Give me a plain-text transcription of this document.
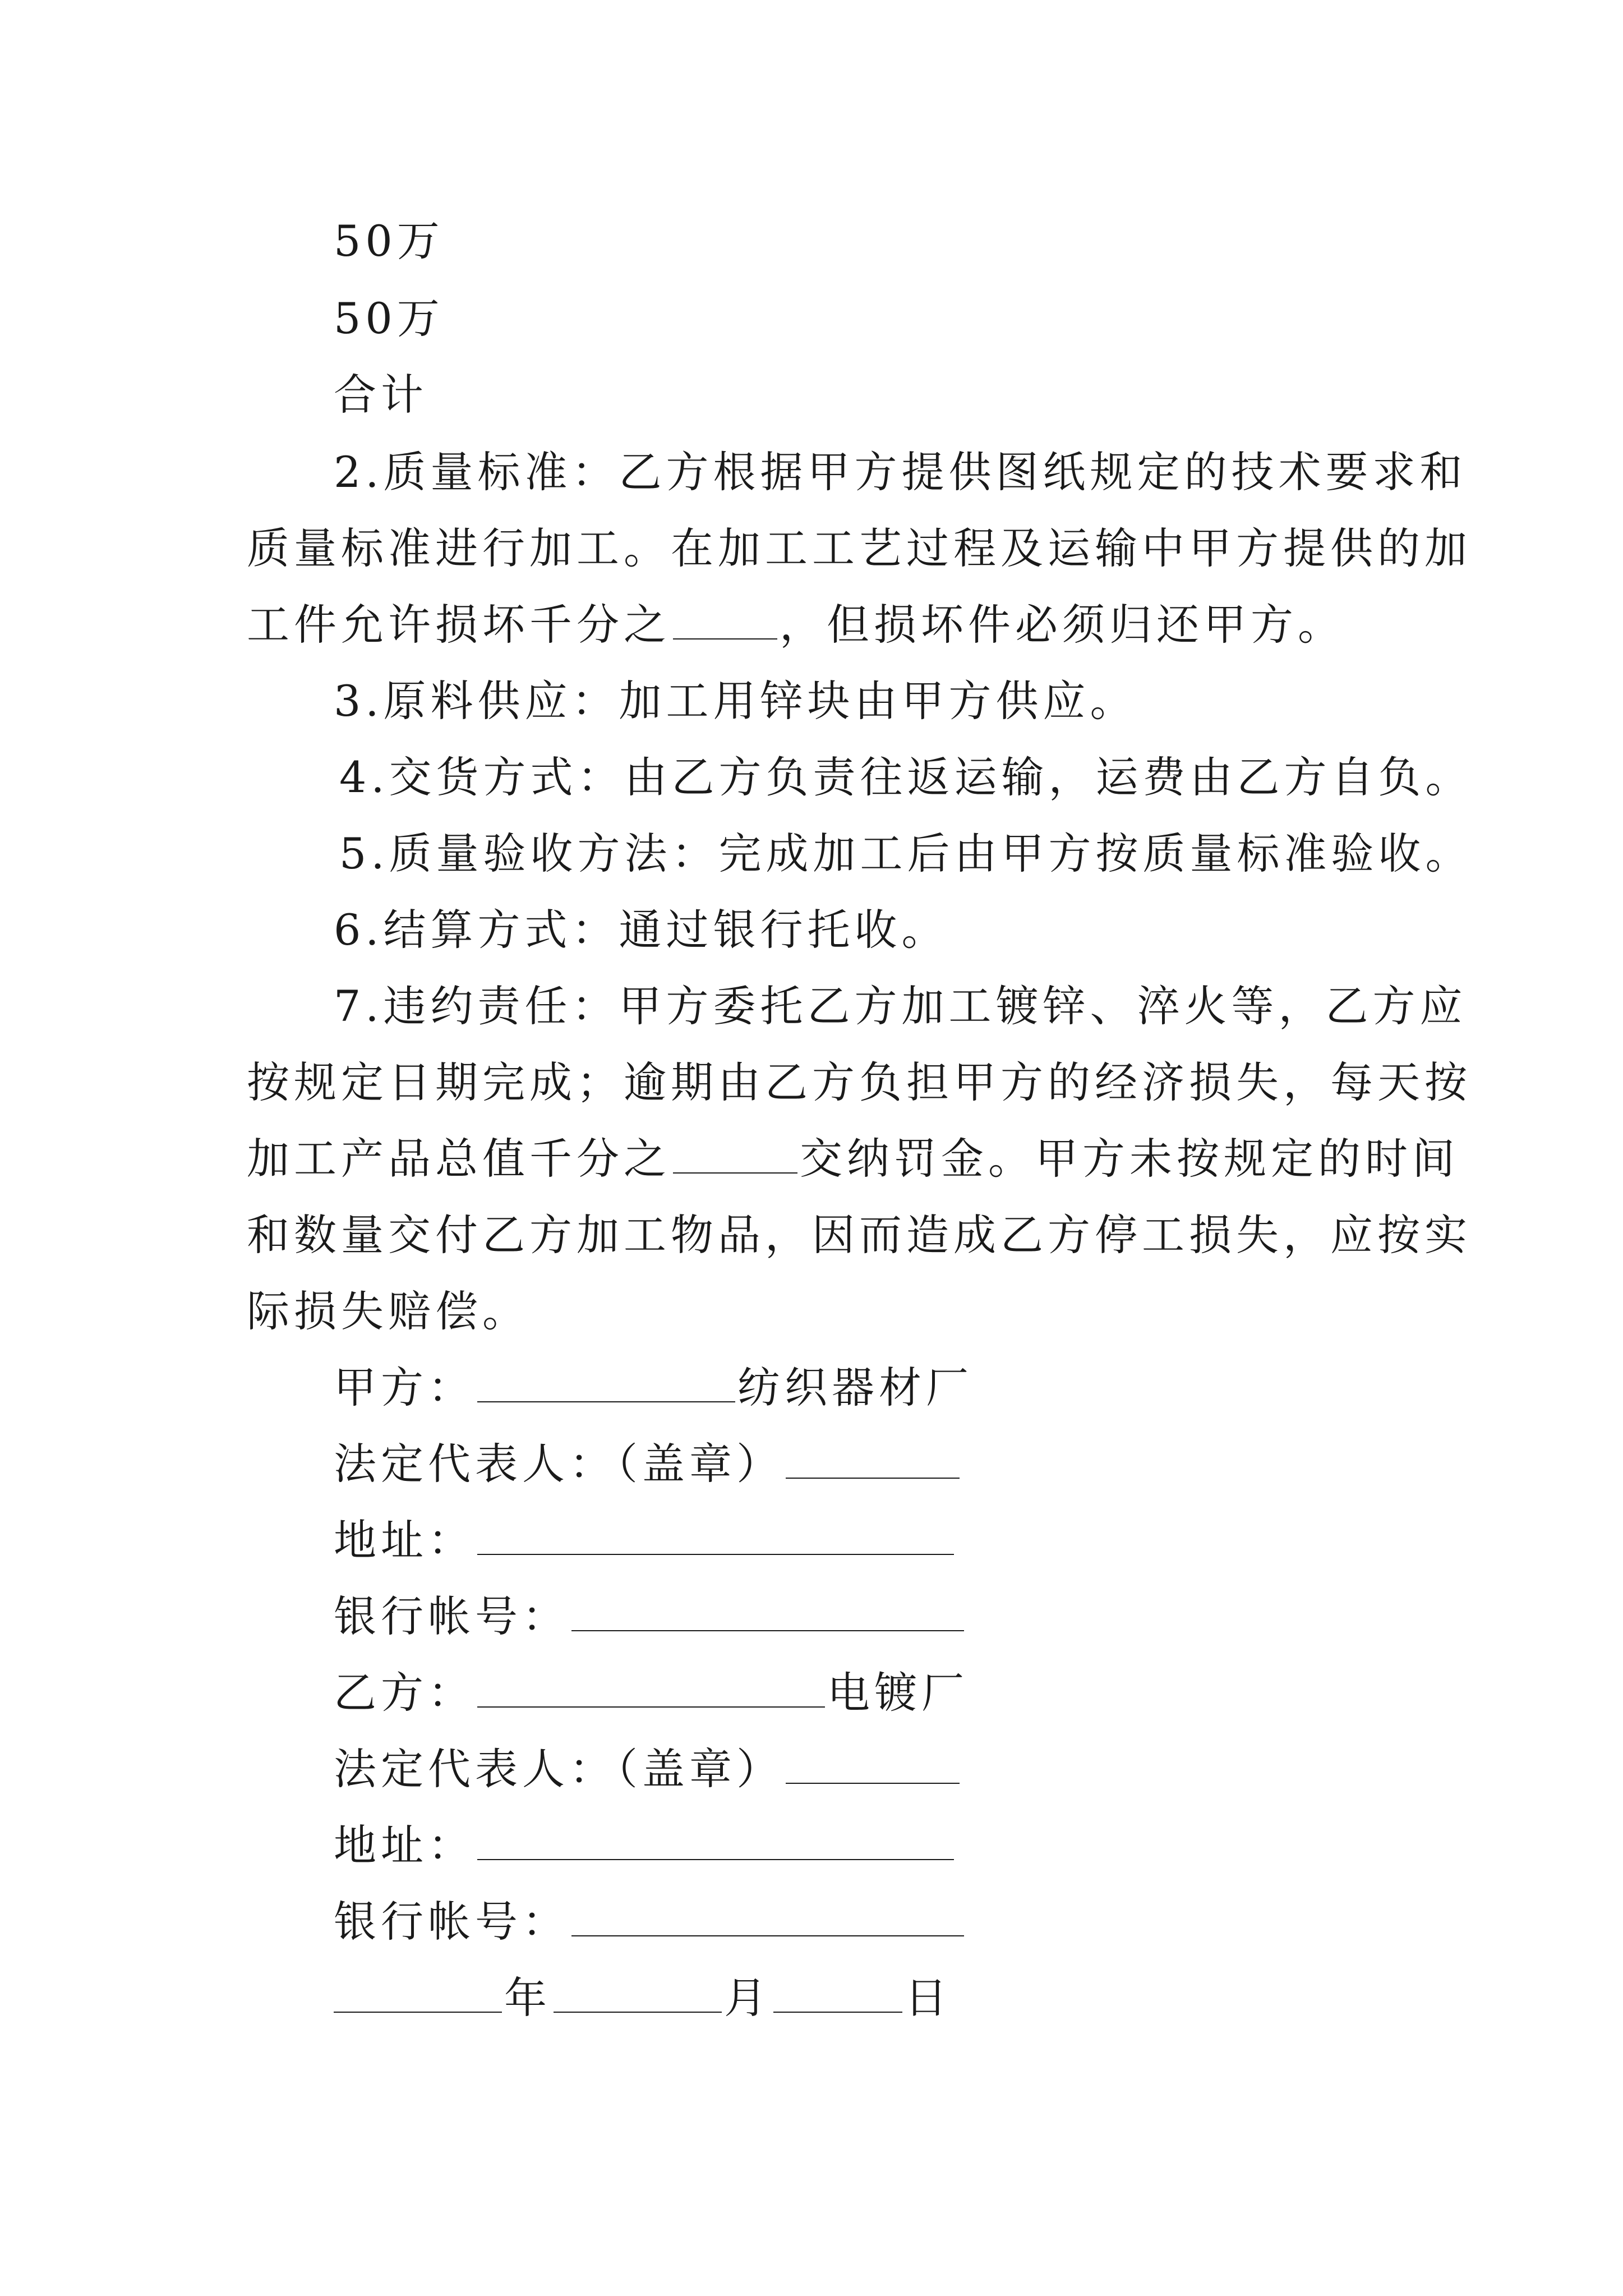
50万
50万
合计
2.质量标准：乙方根据甲方提供图纸规定的技术要求和
质量标准进行加工。在加工工艺过程及运输中甲方提供的加
工件允许损坏千分之	，但损坏件必须归还甲方。
3.原料供应：加工用锌块由甲方供应。
4.交货方式：由乙方负责往返运输，运费由乙方自负。
5.质量验收方法：完成加工后由甲方按质量标准验收。
6.结算方式：通过银行托收。
7.违约责任：甲方委托乙方加工镀锌、淬火等，乙方应
按规定日期完成；逾期由乙方负担甲方的经济损失，每天按
加工产品总值千分之	交纳罚金。甲方未按规定的时间
和数量交付乙方加工物品，因而造成乙方停工损失，应按实
际损失赔偿。
甲方：	纺织器材厂
法定代表人：（盖章）
地址：
银行帐号：
乙方：	电镀厂
法定代表人：（盖章）
地址：
银行帐号：
年	月	日
